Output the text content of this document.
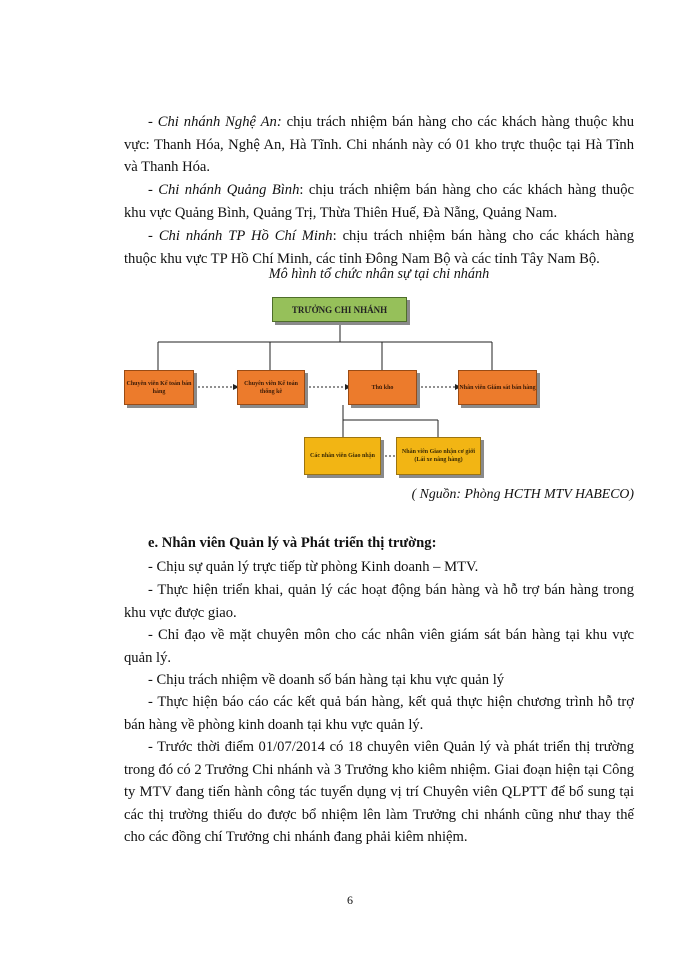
- Chi nhánh Nghệ An: chịu trách nhiệm bán hàng cho các khách hàng thuộc khu vực: Thanh Hóa, Nghệ An, Hà Tĩnh. Chi nhánh này có 01 kho trực thuộc tại Hà Tĩnh và Thanh Hóa.

- Chi nhánh Quảng Bình: chịu trách nhiệm bán hàng cho các khách hàng thuộc khu vực Quảng Bình, Quảng Trị, Thừa Thiên Huế, Đà Nẵng, Quảng Nam.

- Chi nhánh TP Hồ Chí Minh: chịu trách nhiệm bán hàng cho các khách hàng thuộc khu vực TP Hồ Chí Minh, các tỉnh Đông Nam Bộ và các tỉnh Tây Nam Bộ.

Mô hình tổ chức nhân sự tại chi nhánh
TRƯỞNG CHI NHÁNH
Chuyên viên Kế toán bán hàng
Chuyên viên Kế toán thống kê
Thủ kho	Nhân viên Giám sát bán hàng
Các nhân viên Giao nhận
Nhân viên Giao nhận cơ giới (Lái xe nâng hàng)
( Nguồn: Phòng HCTH MTV HABECO)
e. Nhân viên Quản lý và Phát triển thị trường:

- Chịu sự quản lý trực tiếp từ phòng Kinh doanh – MTV.

- Thực hiện triển khai, quản lý các hoạt động bán hàng và hỗ trợ bán hàng trong khu vực được giao.

- Chỉ đạo về mặt chuyên môn cho các nhân viên giám sát bán hàng tại khu vực quản lý.

- Chịu trách nhiệm về doanh số bán hàng tại khu vực quản lý

- Thực hiện báo cáo các kết quả bán hàng, kết quả thực hiện chương trình hỗ trợ bán hàng về phòng kinh doanh tại khu vực quản lý.

- Trước thời điểm 01/07/2014 có 18 chuyên viên Quản lý và phát triển thị trường trong đó có 2 Trưởng Chi nhánh và 3 Trưởng kho kiêm nhiệm. Giai đoạn hiện tại Công ty MTV đang tiến hành công tác tuyển dụng vị trí Chuyên viên QLPTT để bổ sung tại các thị trường thiếu do được bổ nhiệm lên làm Trưởng chi nhánh cũng như thay thế cho các đồng chí Trưởng chi nhánh đang phải kiêm nhiệm.

6
